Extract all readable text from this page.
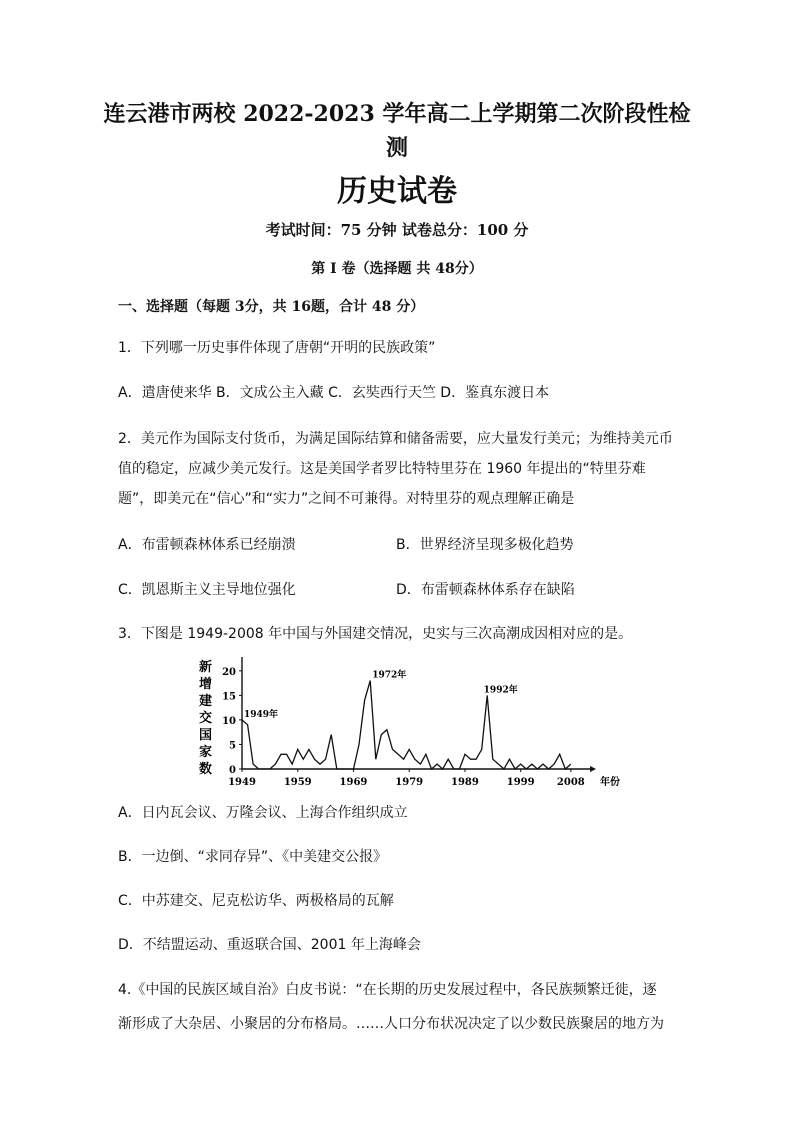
连云港市两校 2022-2023 学年高二上学期第二次阶段性检
测
历史试卷
考试时间：75 分钟 试卷总分：100 分
第 I 卷（选择题 共 48分）
一、选择题（每题 3分，共 16题，合计 48 分）
1．下列哪一历史事件体现了唐朝“开明的民族政策”
A．遣唐使来华 B．文成公主入藏 C．玄奘西行天竺 D．鉴真东渡日本
2．美元作为国际支付货币，为满足国际结算和储备需要，应大量发行美元；为维持美元币
值的稳定，应减少美元发行。这是美国学者罗比特特里芬在 1960 年提出的“特里芬难
题”，即美元在“信心”和“实力”之间不可兼得。对特里芬的观点理解正确是
A．布雷顿森林体系已经崩溃	B．世界经济呈现多极化趋势
C．凯恩斯主义主导地位强化	D．布雷顿森林体系存在缺陷
3．下图是 1949-2008 年中国与外国建交情况，史实与三次高潮成因相对应的是。
新增建交国家数 0
5
10
15
20
1949	1959	1969	1979	1989	1999 2008
1949年
1972年
1992年
年份
A．日内瓦会议、万隆会议、上海合作组织成立
B．一边倒、“求同存异”、《中美建交公报》
C．中苏建交、尼克松访华、两极格局的瓦解
D．不结盟运动、重返联合国、2001 年上海峰会
4.《中国的民族区域自治》白皮书说：“在长期的历史发展过程中，各民族频繁迁徙，逐
渐形成了大杂居、小聚居的分布格局。……人口分布状况决定了以少数民族聚居的地方为
